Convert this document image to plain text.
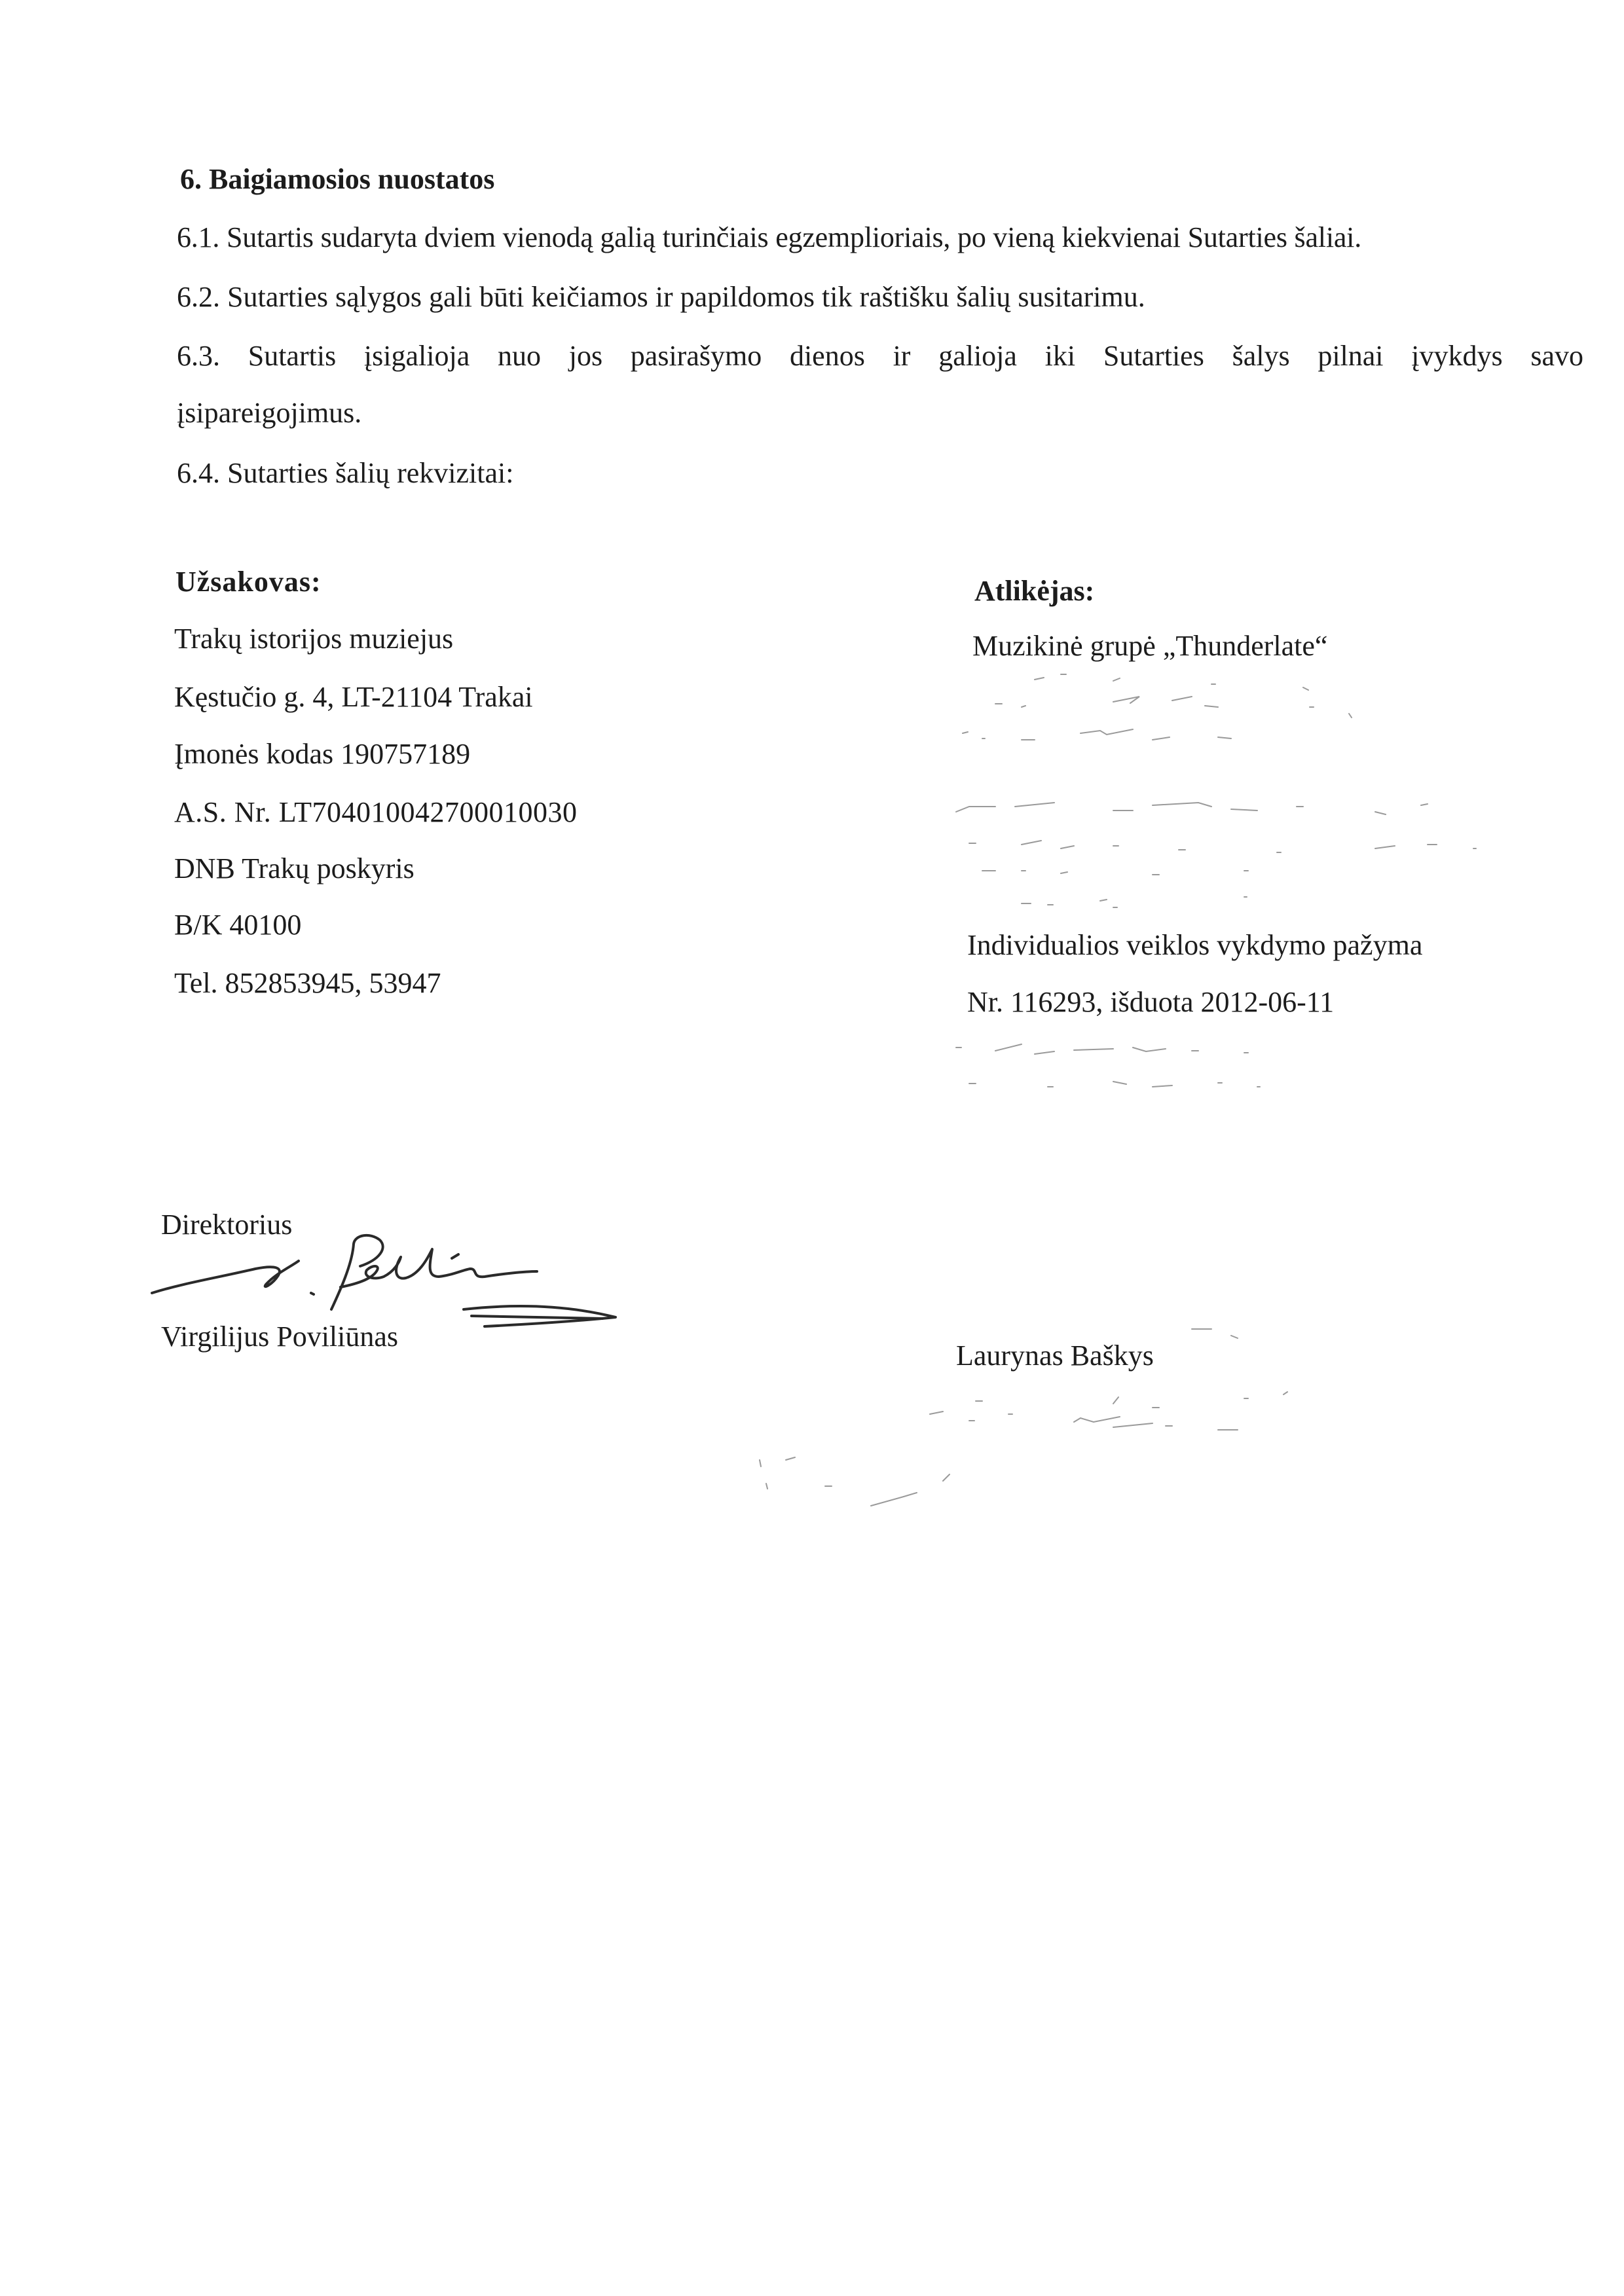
6. Baigiamosios nuostatos
6.1. Sutartis sudaryta dviem vienodą galią turinčiais egzemplioriais, po vieną kiekvienai Sutarties šaliai.
6.2. Sutarties sąlygos gali būti keičiamos ir papildomos tik raštišku šalių susitarimu.
6.3. Sutartis įsigalioja nuo jos pasirašymo dienos ir galioja iki Sutarties šalys pilnai įvykdys savo
įsipareigojimus.
6.4. Sutarties šalių rekvizitai:
Užsakovas:
Trakų istorijos muziejus
Kęstučio g. 4, LT-21104 Trakai
Įmonės kodas 190757189
A.S. Nr. LT704010042700010030
DNB Trakų poskyris
B/K 40100
Tel. 852853945, 53947
Atlikėjas:
Muzikinė grupė „Thunderlate“
Individualios veiklos vykdymo pažyma
Nr. 116293, išduota 2012-06-11
Direktorius
Virgilijus Poviliūnas
Laurynas Baškys
